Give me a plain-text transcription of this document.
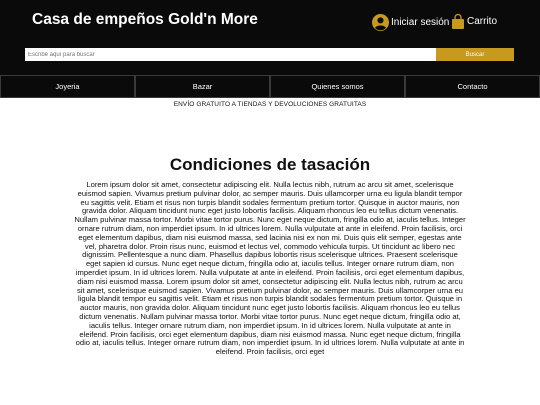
Casa de empeños Gold'n More	Iniciar sesión Carrito
Escribe aquí para buscar
Buscar
Joyeria	Bazar	Quienes somos	Contacto
ENVÍO GRATUITO A TIENDAS Y DEVOLUCIONES GRATUITAS
Condiciones de tasación

Lorem ipsum dolor sit amet, consectetur adipiscing elit. Nulla lectus nibh, rutrum ac arcu sit amet, scelerisque euismod sapien. Vivamus pretium pulvinar dolor, ac semper mauris. Duis ullamcorper urna eu ligula blandit tempor eu sagittis velit. Etiam et risus non turpis blandit sodales fermentum pretium tortor. Quisque in auctor mauris, non gravida dolor. Aliquam tincidunt nunc eget justo lobortis facilisis. Aliquam rhoncus leo eu tellus dictum venenatis. Nullam pulvinar massa tortor. Morbi vitae tortor purus. Nunc eget neque dictum, fringilla odio at, iaculis tellus. Integer ornare rutrum diam, non imperdiet ipsum. In id ultrices lorem. Nulla vulputate at ante in eleifend. Proin facilisis, orci eget elementum dapibus, diam nisi euismod massa, sed lacinia nisi ex non mi. Duis quis elit semper, egestas ante vel, pharetra dolor. Proin risus nunc, euismod et lectus vel, commodo vehicula turpis. Ut tincidunt ac libero nec dignissim. Pellentesque a nunc diam. Phasellus dapibus lobortis risus scelerisque ultrices. Praesent scelerisque eget sapien id cursus. Nunc eget neque dictum, fringilla odio at, iaculis tellus. Integer ornare rutrum diam, non imperdiet ipsum. In id ultrices lorem. Nulla vulputate at ante in eleifend. Proin facilisis, orci eget elementum dapibus, diam nisi euismod massa. Lorem ipsum dolor sit amet, consectetur adipiscing elit. Nulla lectus nibh, rutrum ac arcu sit amet, scelerisque euismod sapien. Vivamus pretium pulvinar dolor, ac semper mauris. Duis ullamcorper urna eu ligula blandit tempor eu sagittis velit. Etiam et risus non turpis blandit sodales fermentum pretium tortor. Quisque in auctor mauris, non gravida dolor. Aliquam tincidunt nunc eget justo lobortis facilisis. Aliquam rhoncus leo eu tellus dictum venenatis. Nullam pulvinar massa tortor. Morbi vitae tortor purus. Nunc eget neque dictum, fringilla odio at, iaculis tellus. Integer ornare rutrum diam, non imperdiet ipsum. In id ultrices lorem. Nulla vulputate at ante in eleifend. Proin facilisis, orci eget elementum dapibus, diam nisi euismod massa. Nunc eget neque dictum, fringilla odio at, iaculis tellus. Integer ornare rutrum diam, non imperdiet ipsum. In id ultrices lorem. Nulla vulputate at ante in eleifend. Proin facilisis, orci eget
